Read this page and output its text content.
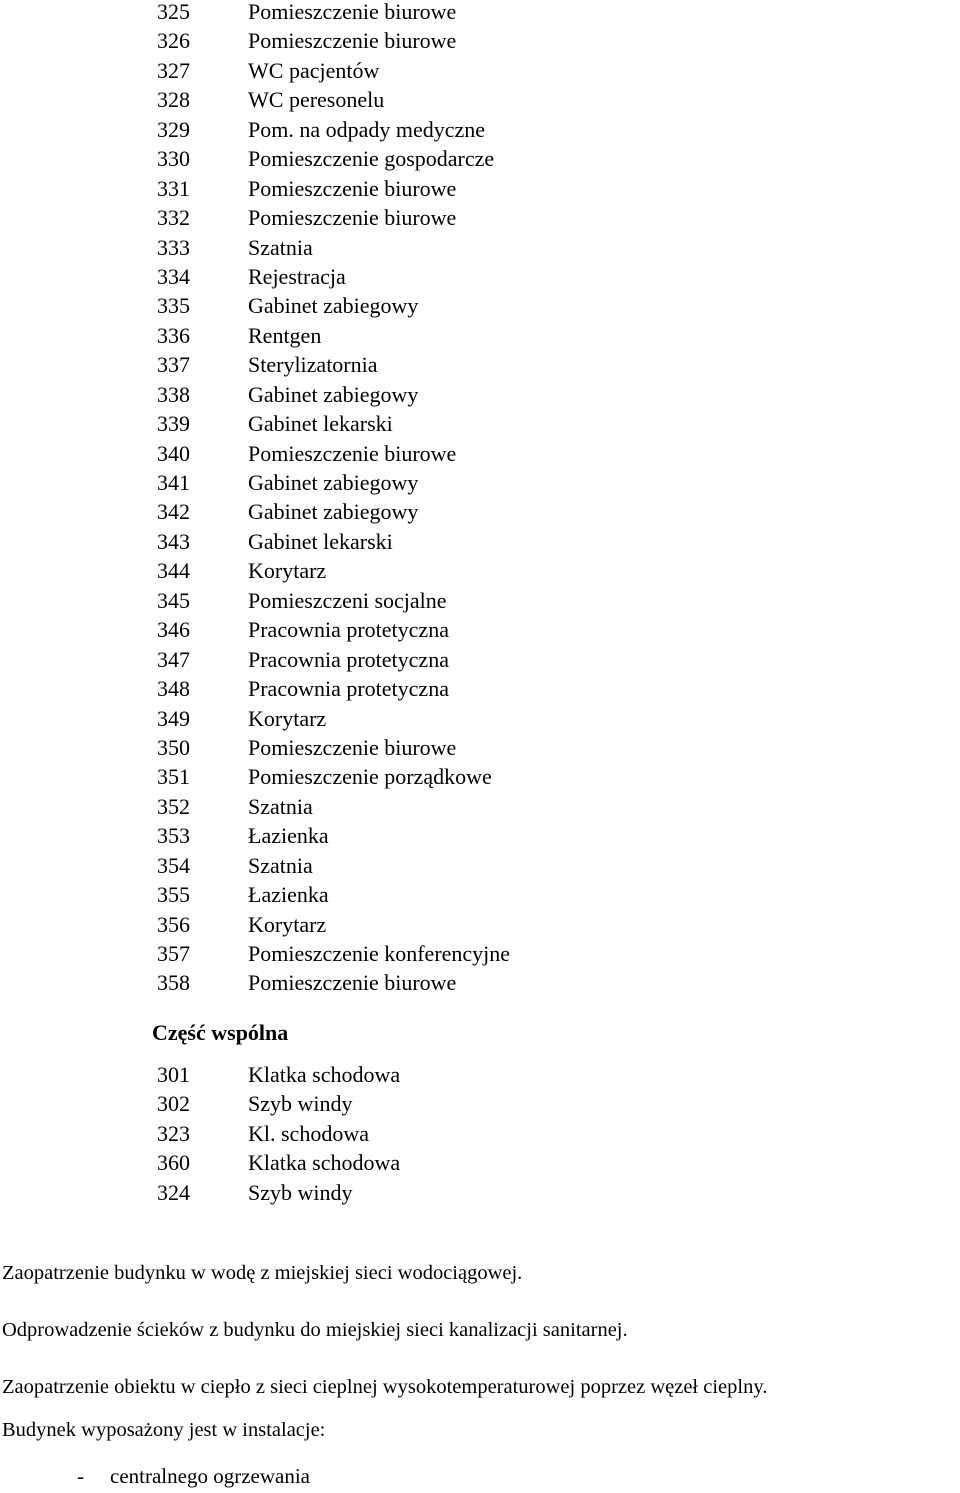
325	Pomieszczenie biurowe
326	Pomieszczenie biurowe
327	WC pacjentów
328	WC peresonelu
329	Pom. na odpady medyczne
330	Pomieszczenie gospodarcze
331	Pomieszczenie biurowe
332	Pomieszczenie biurowe
333	Szatnia
334	Rejestracja
335	Gabinet zabiegowy
336	Rentgen
337	Sterylizatornia
338	Gabinet zabiegowy
339	Gabinet lekarski
340	Pomieszczenie biurowe
341	Gabinet zabiegowy
342	Gabinet zabiegowy
343	Gabinet lekarski
344	Korytarz
345	Pomieszczeni socjalne
346	Pracownia protetyczna
347	Pracownia protetyczna
348	Pracownia protetyczna
349	Korytarz
350	Pomieszczenie biurowe
351	Pomieszczenie porządkowe
352	Szatnia
353	Łazienka
354	Szatnia
355	Łazienka
356	Korytarz
357	Pomieszczenie konferencyjne
358	Pomieszczenie biurowe
Część wspólna
301	Klatka schodowa
302	Szyb windy
323	Kl. schodowa
360	Klatka schodowa
324	Szyb windy

Zaopatrzenie budynku w wodę z miejskiej sieci wodociągowej.

Odprowadzenie ścieków z budynku do miejskiej sieci kanalizacji sanitarnej.

Zaopatrzenie obiektu w ciepło z sieci cieplnej wysokotemperaturowej poprzez węzeł cieplny.

Budynek wyposażony jest w instalacje:

- centralnego ogrzewania
